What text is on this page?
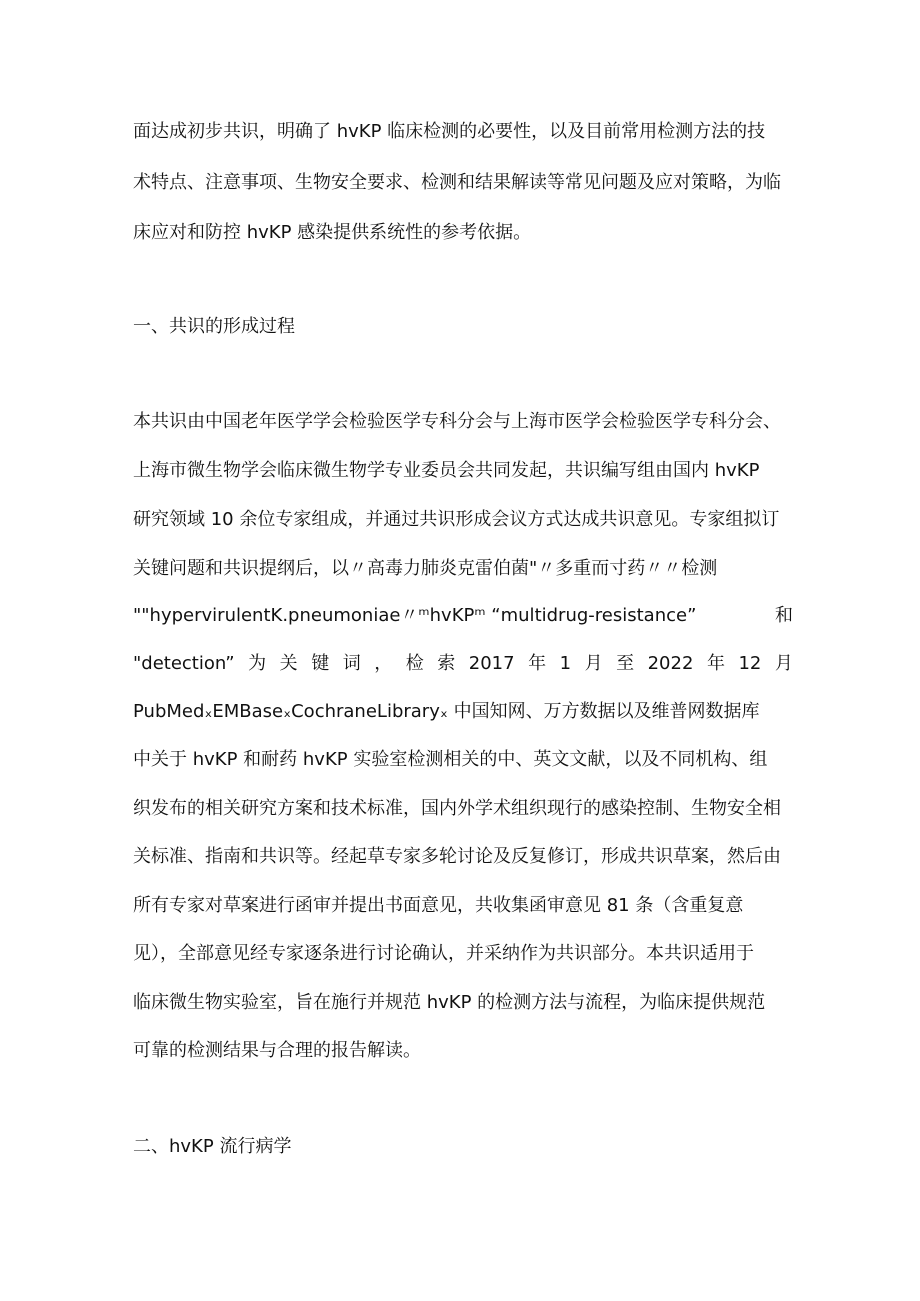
面达成初步共识，明确了 hvKP 临床检测的必要性，以及目前常用检测方法的技
术特点、注意事项、生物安全要求、检测和结果解读等常见问题及应对策略，为临
床应对和防控 hvKP 感染提供系统性的参考依据。
一、共识的形成过程
本共识由中国老年医学学会检验医学专科分会与上海市医学会检验医学专科分会、
上海市微生物学会临床微生物学专业委员会共同发起，共识编写组由国内 hvKP
研究领域 10 余位专家组成，并通过共识形成会议方式达成共识意见。专家组拟订
关键问题和共识提纲后，以〃高毒力肺炎克雷伯菌"〃多重而寸药〃〃检测
""hypervirulentK.pneumoniae〃ᵐhvKPᵐ “multidrug-resistance”	和
"detection” 为 关 键 词 ， 检 索 2017 年 1 月 至 2022 年 12 月
PubMedₓEMBaseₓCochraneLibraryₓ 中国知网、万方数据以及维普网数据库
中关于 hvKP 和耐药 hvKP 实验室检测相关的中、英文文献，以及不同机构、组
织发布的相关研究方案和技术标准，国内外学术组织现行的感染控制、生物安全相
关标准、指南和共识等。经起草专家多轮讨论及反复修订，形成共识草案，然后由
所有专家对草案进行函审并提出书面意见，共收集函审意见 81 条（含重复意
见），全部意见经专家逐条进行讨论确认，并采纳作为共识部分。本共识适用于
临床微生物实验室，旨在施行并规范 hvKP 的检测方法与流程，为临床提供规范
可靠的检测结果与合理的报告解读。
二、hvKP 流行病学
